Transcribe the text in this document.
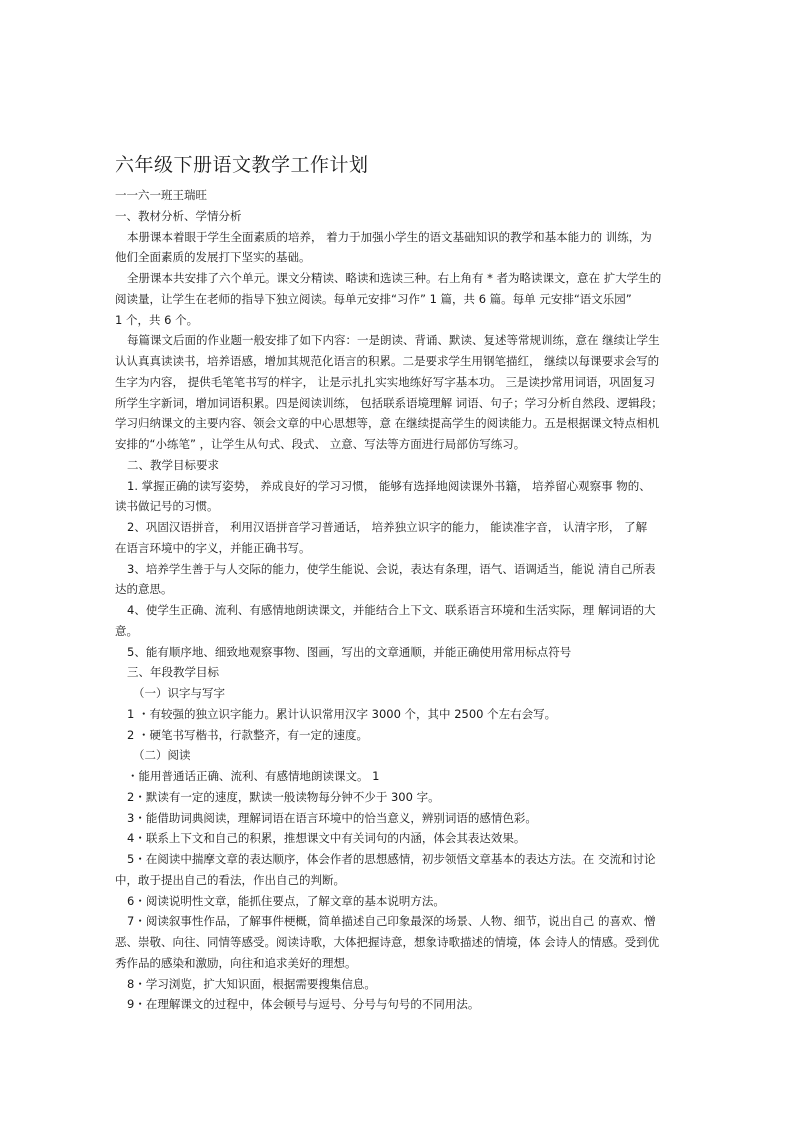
六年级下册语文教学工作计划
一一六一班王瑞旺
一、教材分析、学情分析
本册课本着眼于学生全面素质的培养， 着力于加强小学生的语文基础知识的教学和基本能力的 训练，为
他们全面素质的发展打下坚实的基础。
全册课本共安排了六个单元。课文分精读、略读和选读三种。右上角有 * 者为略读课文，意在 扩大学生的
阅读量，让学生在老师的指导下独立阅读。每单元安排“习作” 1 篇，共 6 篇。每单 元安排“语文乐园”
1 个，共 6 个。
每篇课文后面的作业题一般安排了如下内容：一是朗读、背诵、默读、复述等常规训练，意在 继续让学生
认认真真读读书，培养语感，增加其规范化语言的积累。二是要求学生用钢笔描红， 继续以每课要求会写的
生字为内容， 提供毛笔笔书写的样字， 让是示扎扎实实地练好写字基本功。 三是读抄常用词语，巩固复习
所学生字新词，增加词语积累。四是阅读训练， 包括联系语境理解 词语、句子；学习分析自然段、逻辑段；
学习归纳课文的主要内容、领会文章的中心思想等，意 在继续提高学生的阅读能力。五是根据课文特点相机
安排的“小练笔” ，让学生从句式、段式、 立意、写法等方面进行局部仿写练习。
二、教学目标要求
1. 掌握正确的读写姿势， 养成良好的学习习惯， 能够有选择地阅读课外书籍， 培养留心观察事 物的、
读书做记号的习惯。
2、巩固汉语拼音， 利用汉语拼音学习普通话， 培养独立识字的能力， 能读准字音， 认清字形， 了解
在语言环境中的字义，并能正确书写。
3、培养学生善于与人交际的能力，使学生能说、会说，表达有条理，语气、语调适当，能说 清自己所表
达的意思。
4、使学生正确、流利、有感情地朗读课文，并能结合上下文、联系语言环境和生活实际，理 解词语的大
意。
5、能有顺序地、细致地观察事物、图画，写出的文章通顺，并能正确使用常用标点符号
三、年段教学目标
（一）识字与写字
1 ・有较强的独立识字能力。累计认识常用汉字 3000 个，其中 2500 个左右会写。
2 ・硬笔书写楷书，行款整齐，有一定的速度。
（二）阅读
・能用普通话正确、流利、有感情地朗读课文。 1
2・默读有一定的速度，默读一般读物每分钟不少于 300 字。
3・能借助词典阅读，理解词语在语言环境中的恰当意义，辨别词语的感情色彩。
4・联系上下文和自己的积累，推想课文中有关词句的内涵，体会其表达效果。
5・在阅读中揣摩文章的表达顺序，体会作者的思想感情，初步领悟文章基本的表达方法。在 交流和讨论
中，敢于提出自己的看法，作出自己的判断。
6・阅读说明性文章，能抓住要点，了解文章的基本说明方法。
7・阅读叙事性作品，了解事件梗概，简单描述自己印象最深的场景、人物、细节，说出自己 的喜欢、憎
恶、崇敬、向往、同情等感受。阅读诗歌，大体把握诗意，想象诗歌描述的情境，体 会诗人的情感。受到优
秀作品的感染和激励，向往和追求美好的理想。
8・学习浏览，扩大知识面，根据需要搜集信息。
9・在理解课文的过程中，体会顿号与逗号、分号与句号的不同用法。
